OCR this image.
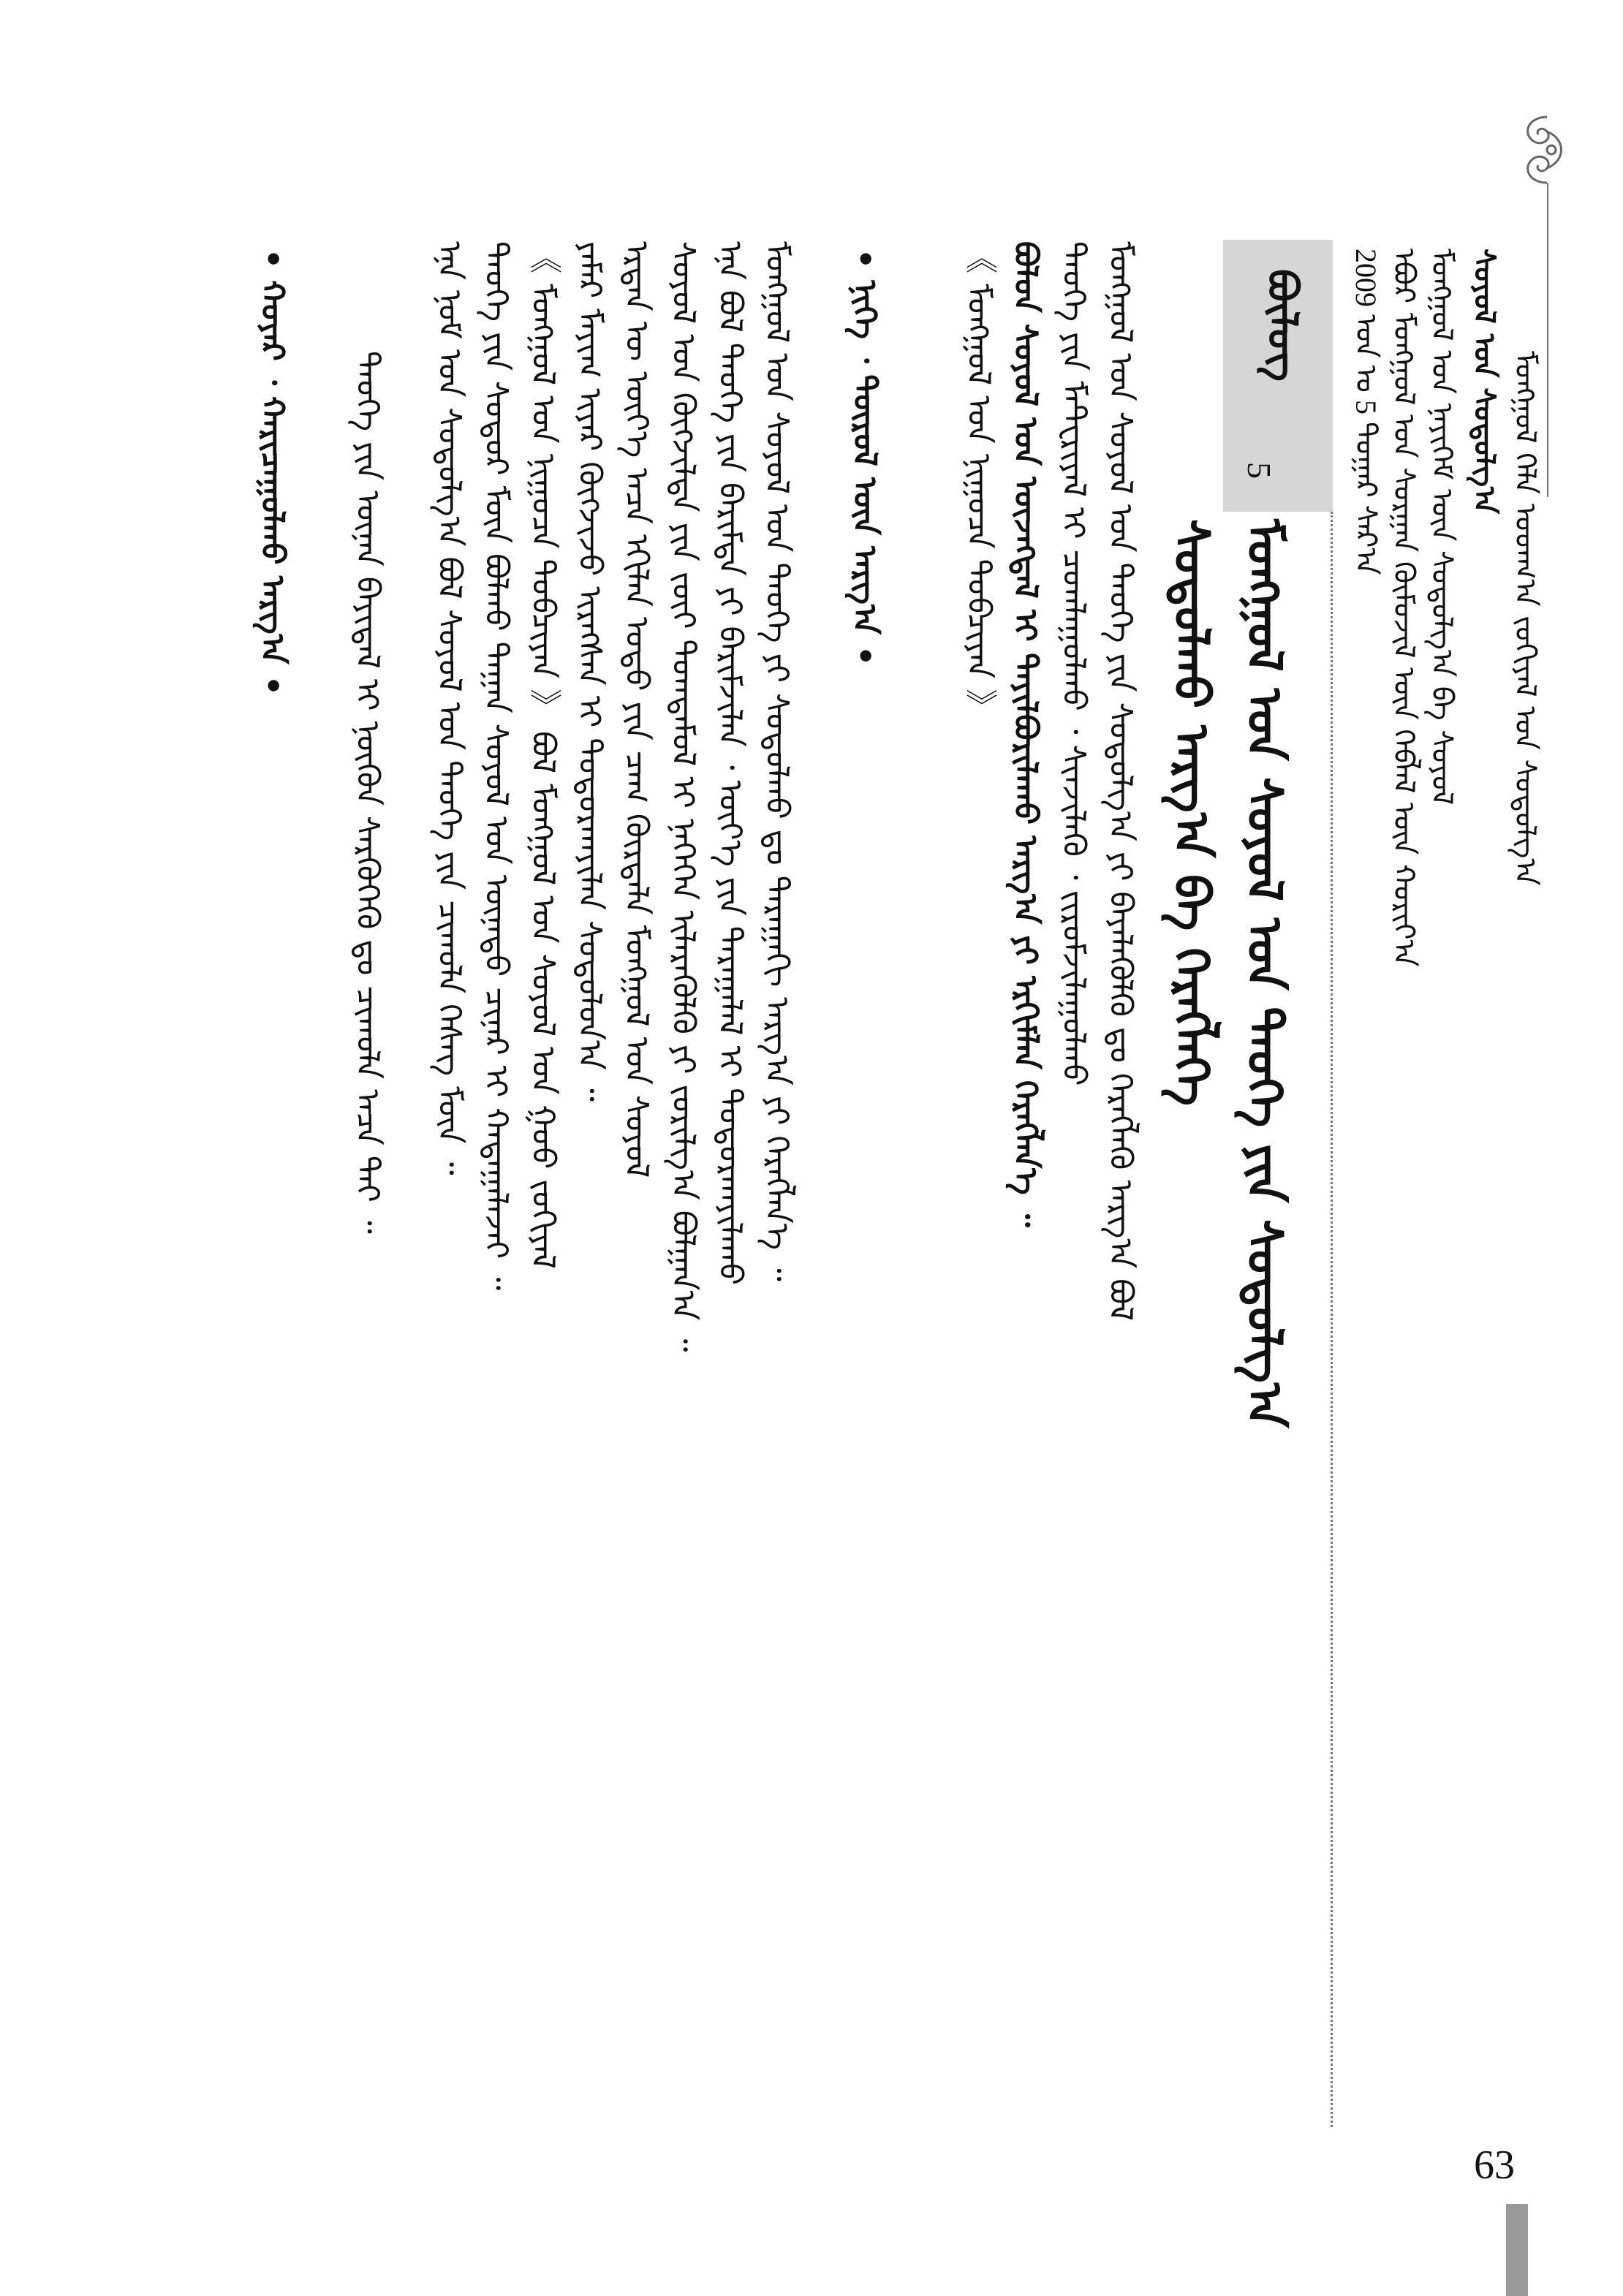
ᠮᠣᠩᠭᠣᠯ ᠬᠡᠯᠡ ᠤᠳᠬ᠎ᠠ ᠵᠣᠬᠢᠶᠠᠯ ᠤᠨ ᠰᠤᠳᠤᠯᠭ᠎ᠠ
ᠰᠤᠶᠤᠯ ᠤᠨ ᠰᠤᠳᠤᠯᠭ᠎ᠠ
ᠮᠣᠩᠭᠣᠯ ᠤᠨ ᠨᠡᠶᠢᠭᠡᠮ ᠦᠨ ᠰᠤᠳᠤᠯᠭ᠎ᠠ ᠪᠠ ᠰᠣᠶᠣᠯ
ᠡᠪᠦᠷ ᠮᠣᠩᠭᠣᠯ ᠤᠨ ᠰᠤᠷᠭᠠᠨ ᠬᠦᠮᠦᠵᠢᠯ ᠦᠨ ᠬᠡᠪᠯᠡᠯ ᠦᠨ ᠬᠣᠷᠢᠶ᠎ᠠ
2009 ᠣᠨ ᠤ 5 ᠳᠤᠭᠠᠷ ᠰᠠᠷ᠎ᠠ
ᠪᠦᠯᠦᠭ
5
ᠮᠣᠩᠭᠣᠯ ᠤᠨ ᠰᠣᠶᠣᠯ ᠤᠨ ᠲᠡᠦᠬᠡ ᠶᠢᠨ ᠰᠤᠳᠤᠯᠭ᠎ᠠ
ᠰᠤᠳᠤᠯᠬᠤ ᠠᠷᠭ᠎ᠠ ᠪᠠ ᠬᠡᠷᠡᠭᠯᠡᠭᠡ
ᠮᠣᠩᠭᠣᠯ ᠤᠨ ᠰᠣᠶᠣᠯ ᠤᠨ ᠲᠡᠦᠬᠡ ᠶᠢᠨ ᠰᠤᠳᠤᠯᠭ᠎ᠠ ᠶᠢ ᠪᠡᠶᠡᠯᠡᠭᠦᠯᠬᠦ ᠳᠤ ᠬᠡᠷᠡᠭᠯᠡᠬᠦ ᠠᠷᠭ᠎ᠠ ᠪᠣᠯ
ᠲᠡᠦᠬᠡ ᠶᠢᠨ ᠮᠠᠲ᠋ᠧᠷᠢᠶᠠᠯ ᠢ ᠴᠤᠭᠯᠠᠭᠤᠯᠬᠤ ᠂ ᠰᠢᠨᠵᠢᠯᠡᠬᠦ ᠂ ᠵᠢᠷᠤᠮᠵᠢᠯᠠᠭᠤᠯᠬᠤ
ᠪᠣᠯᠤᠨ ᠰᠣᠶᠣᠯ ᠤᠨ ᠦᠵᠡᠭᠳᠡᠯ ᠢ ᠲᠠᠶᠢᠯᠪᠤᠷᠢᠯᠠᠬᠤ ᠠᠷᠭ᠎ᠠ ᠶᠢ ᠡᠷᠬᠢᠮᠯᠡᠨ ᠬᠡᠷᠡᠭᠯᠡᠨ᠎ᠡ ᠃
《 ᠮᠣᠩᠭᠣᠯ ᠤᠨ ᠨᠢᠭᠤᠴᠠ ᠲᠣᠪᠴᠢᠶᠠᠨ 》
• ᠨᠢᠭᠡ ᠂ ᠲᠦᠷᠦᠯ ᠦᠨ ᠠᠷᠭ᠎ᠠ •
ᠮᠣᠩᠭᠣᠯ ᠤᠨ ᠰᠣᠶᠣᠯ ᠤᠨ ᠲᠡᠦᠬᠡ ᠶᠢ ᠰᠤᠳᠤᠯᠬᠤ ᠳᠤ ᠳᠠᠷᠠᠭᠠᠬᠢ ᠠᠷᠭ᠎ᠠ ᠶᠢ ᠬᠡᠷᠡᠭᠯᠡᠨ᠎ᠡ ᠃
ᠡᠨᠡ ᠪᠣᠯ ᠲᠡᠦᠬᠡ ᠶᠢᠨ ᠪᠠᠷᠢᠮᠲᠠ ᠶᠢ ᠪᠠᠷᠢᠮᠵᠢᠯᠠᠨ ᠂ ᠦᠶ᠎ᠡ ᠶᠢᠨ ᠳᠠᠷᠠᠭᠠᠯᠠᠯ ᠢ ᠲᠣᠳᠣᠷᠬᠠᠶᠢᠯᠠᠬᠤ
ᠰᠣᠶᠣᠯ ᠤᠨ ᠬᠥᠭᠵᠢᠯᠲᠡ ᠶᠢᠨ ᠵᠦᠢ ᠲᠣᠭᠲᠠᠮᠤᠯ ᠢ ᠨᠡᠭᠡᠭᠡᠨ ᠢᠯᠡᠷᠡᠭᠦᠯᠬᠦ ᠶᠢ ᠵᠣᠷᠢᠯᠭ᠎ᠠ ᠪᠣᠯᠭᠠᠨ᠎ᠠ ᠃
ᠡᠷᠲᠡᠨ ᠦ ᠦᠶ᠎ᠡ ᠠᠴᠠ ᠡᠬᠢᠯᠡᠨ ᠣᠳᠣ ᠶᠢᠨ ᠴᠠᠭ ᠬᠦᠷᠲᠡᠯᠡ ᠮᠣᠩᠭᠣᠯ ᠤᠨ ᠰᠣᠶᠣᠯ
ᠶᠠᠮᠠᠷ ᠮᠠᠶᠢᠭ ᠢᠶᠠᠷ ᠬᠥᠭᠵᠢᠵᠦ ᠢᠷᠡᠭᠰᠡᠨ ᠢ ᠲᠣᠳᠣᠷᠬᠠᠶᠢᠯᠠᠨ ᠰᠤᠳᠤᠯᠤᠨ᠎ᠠ ᠃
《 ᠮᠣᠩᠭᠣᠯ ᠤᠨ ᠨᠢᠭᠤᠴᠠ ᠲᠣᠪᠴᠢᠶᠠᠨ 》 ᠪᠣᠯ ᠮᠣᠩᠭᠣᠯ ᠤᠨ ᠰᠣᠶᠣᠯ ᠤᠨ ᠭᠣᠣ ᠵᠣᠬᠢᠶᠠᠯ
ᠲᠡᠦᠬᠡ ᠶᠢᠨ ᠰᠤᠳᠤᠷ ᠮᠥᠨ ᠪᠣᠯᠬᠤ ᠳᠠᠭᠠᠨ ᠰᠣᠶᠣᠯ ᠤᠨ ᠦᠨᠡᠲᠦ ᠴᠢᠨᠠᠷ ᠢ ᠬᠠᠳᠠᠭᠠᠯᠠᠵᠠᠢ ᠃
ᠡᠨᠡ ᠨᠣᠮ ᠤᠨ ᠰᠤᠳᠤᠯᠭ᠎ᠠ ᠪᠣᠯ ᠰᠣᠶᠣᠯ ᠤᠨ ᠲᠡᠦᠬᠡ ᠶᠢᠨ ᠴᠢᠬᠤᠯᠠ ᠬᠡᠰᠡᠭ ᠮᠥᠨ ᠃
ᠲᠡᠦᠬᠡ ᠶᠢᠨ ᠦᠨᠡᠨ ᠪᠠᠶᠢᠳᠠᠯ ᠢ ᠨᠥᠬᠦᠨ ᠰᠡᠷᠭᠦᠭᠡᠬᠦ ᠳᠤ ᠴᠢᠬᠤᠯᠠ ᠠᠴᠠ ᠲᠠᠢ ᠃
• ᠬᠣᠶᠠᠷ ᠂ ᠬᠠᠷᠢᠴᠠᠭᠤᠯᠬᠤ ᠠᠷᠭ᠎ᠠ •
63
